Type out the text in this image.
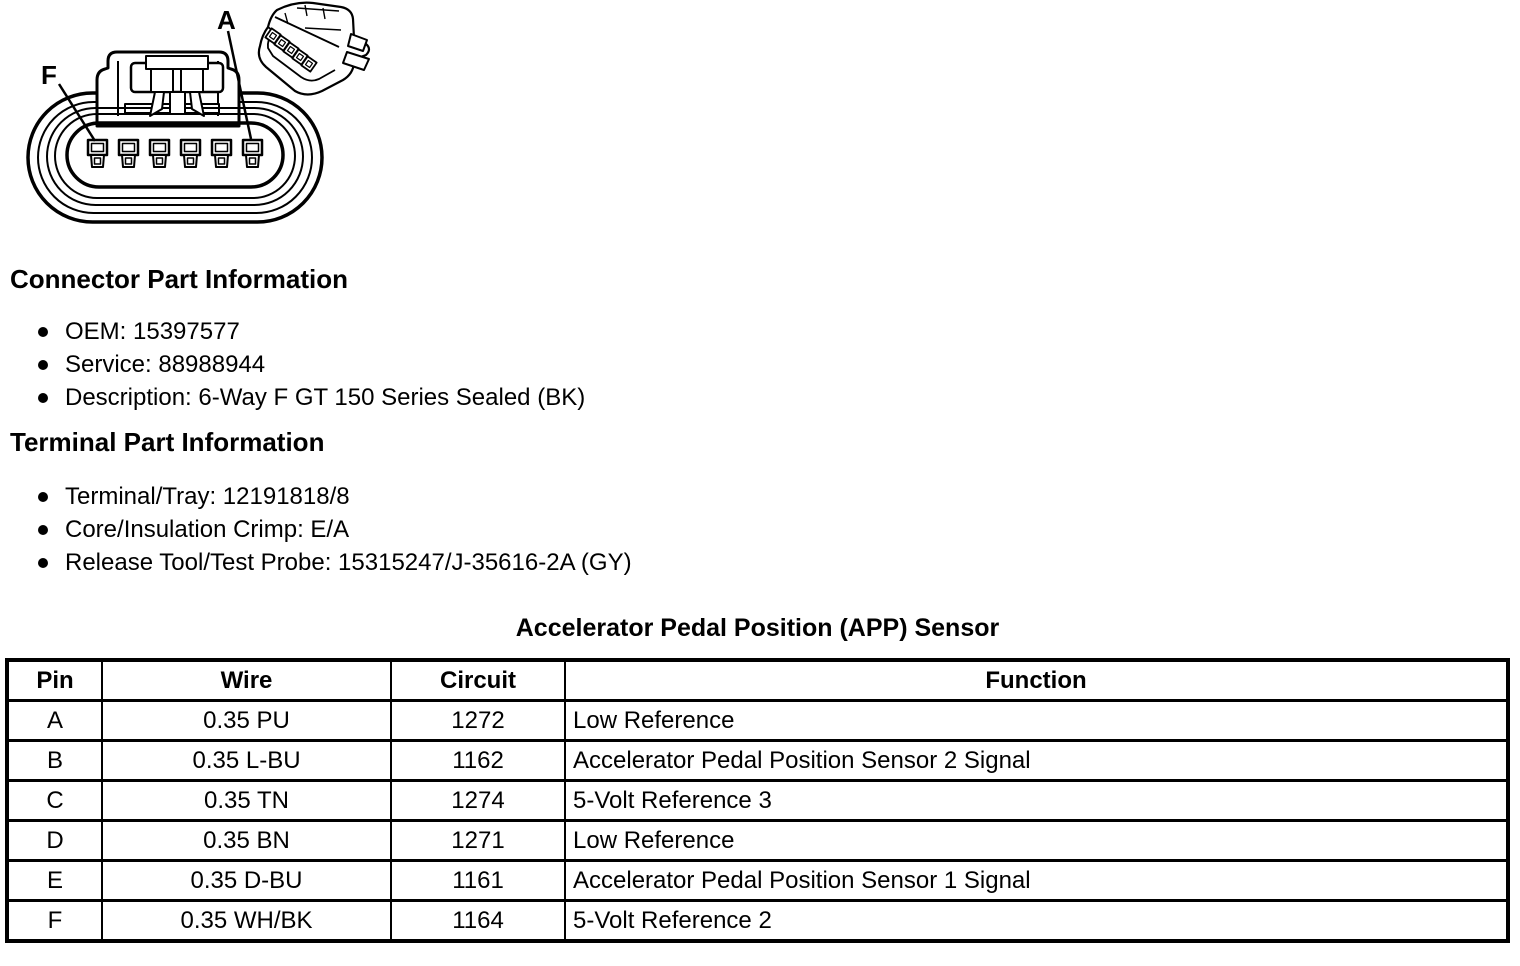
F
A
Connector Part Information
OEM: 15397577
Service: 88988944
Description: 6-Way F GT 150 Series Sealed (BK)
Terminal Part Information
Terminal/Tray: 12191818/8
Core/Insulation Crimp: E/A
Release Tool/Test Probe: 15315247/J-35616-2A (GY)
Accelerator Pedal Position (APP) Sensor
Pin	Wire	Circuit	Function
A	0.35 PU	1272	Low Reference
B	0.35 L-BU	1162	Accelerator Pedal Position Sensor 2 Signal
C	0.35 TN	1274	5-Volt Reference 3
D	0.35 BN	1271	Low Reference
E	0.35 D-BU	1161	Accelerator Pedal Position Sensor 1 Signal
F	0.35 WH/BK	1164	5-Volt Reference 2
